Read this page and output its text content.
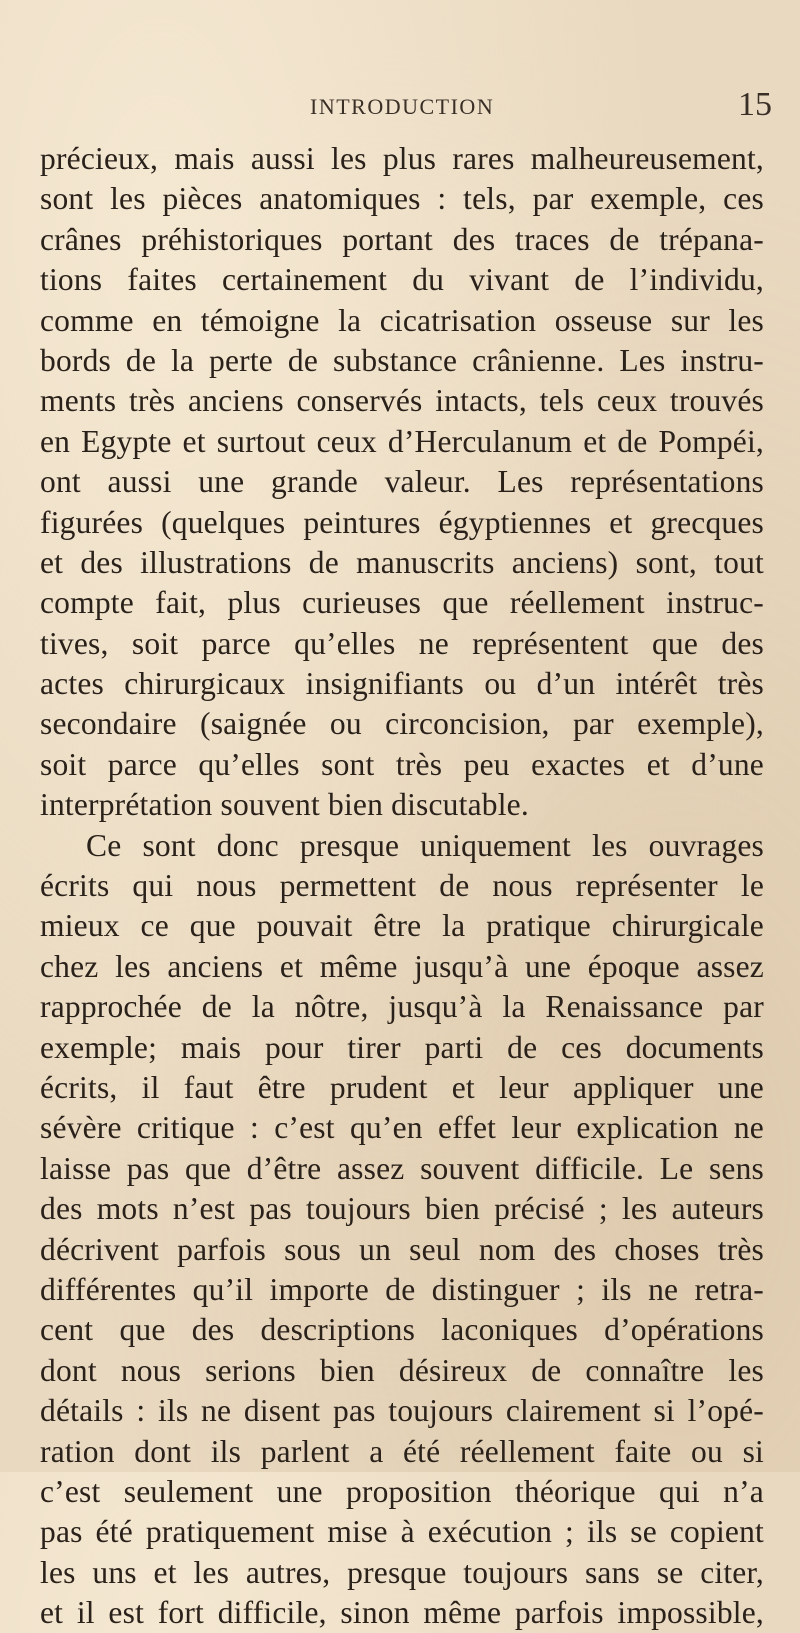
INTRODUCTION	15
précieux, mais aussi les plus rares malheureusement,
sont les pièces anatomiques : tels, par exemple, ces
crânes préhistoriques portant des traces de trépana-
tions faites certainement du vivant de l’individu,
comme en témoigne la cicatrisation osseuse sur les
bords de la perte de substance crânienne. Les instru-
ments très anciens conservés intacts, tels ceux trouvés
en Egypte et surtout ceux d’Herculanum et de Pompéi,
ont aussi une grande valeur. Les représentations
figurées (quelques peintures égyptiennes et grecques
et des illustrations de manuscrits anciens) sont, tout
compte fait, plus curieuses que réellement instruc-
tives, soit parce qu’elles ne représentent que des
actes chirurgicaux insignifiants ou d’un intérêt très
secondaire (saignée ou circoncision, par exemple),
soit parce qu’elles sont très peu exactes et d’une
interprétation souvent bien discutable.
Ce sont donc presque uniquement les ouvrages
écrits qui nous permettent de nous représenter le
mieux ce que pouvait être la pratique chirurgicale
chez les anciens et même jusqu’à une époque assez
rapprochée de la nôtre, jusqu’à la Renaissance par
exemple; mais pour tirer parti de ces documents
écrits, il faut être prudent et leur appliquer une
sévère critique : c’est qu’en effet leur explication ne
laisse pas que d’être assez souvent difficile. Le sens
des mots n’est pas toujours bien précisé ; les auteurs
décrivent parfois sous un seul nom des choses très
différentes qu’il importe de distinguer ; ils ne retra-
cent que des descriptions laconiques d’opérations
dont nous serions bien désireux de connaître les
détails : ils ne disent pas toujours clairement si l’opé-
ration dont ils parlent a été réellement faite ou si
c’est seulement une proposition théorique qui n’a
pas été pratiquement mise à exécution ; ils se copient
les uns et les autres, presque toujours sans se citer,
et il est fort difficile, sinon même parfois impossible,
